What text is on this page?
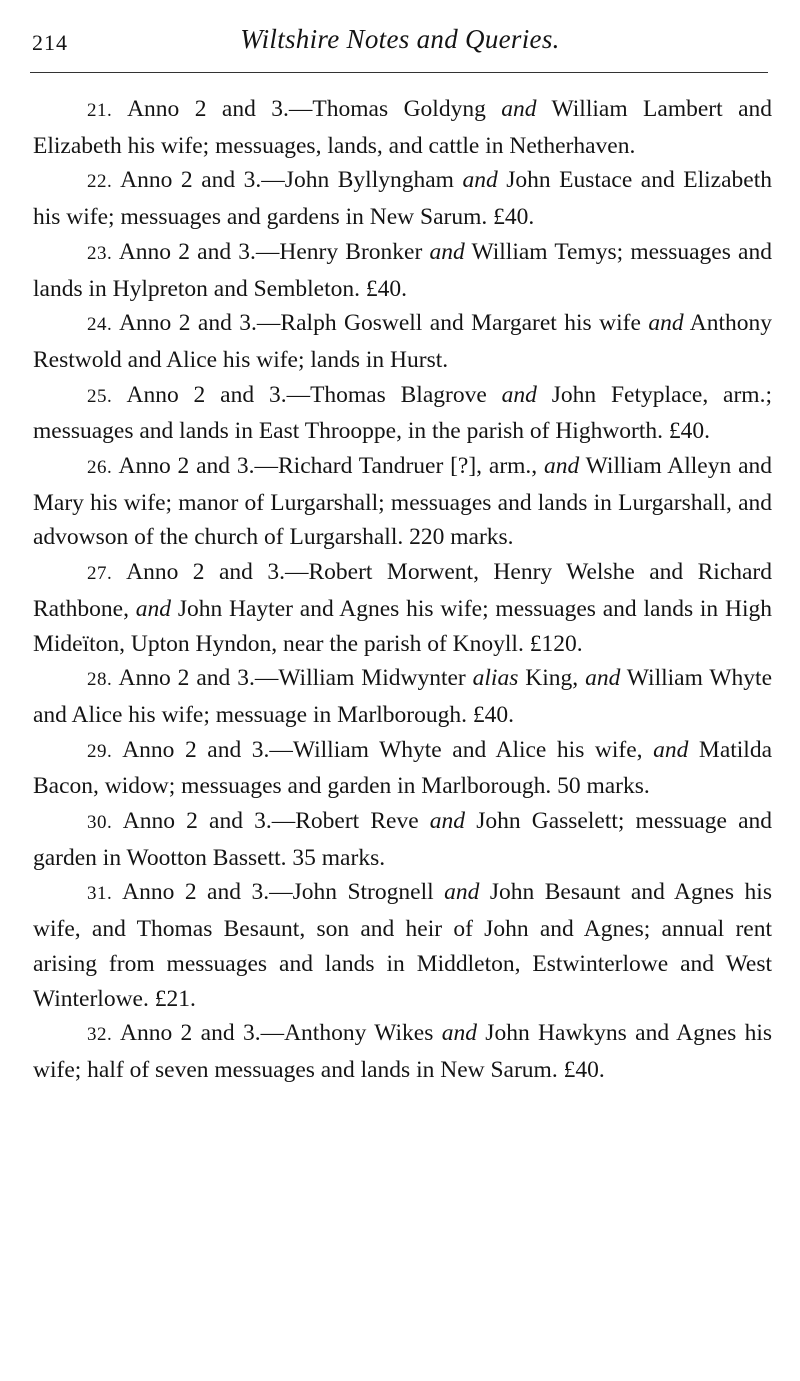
214	Wiltshire Notes and Queries.

21. Anno 2 and 3.—Thomas Goldyng and William Lambert and Elizabeth his wife; messuages, lands, and cattle in Netherhaven.

22. Anno 2 and 3.—John Byllyngham and John Eustace and Elizabeth his wife; messuages and gardens in New Sarum. £40.

23. Anno 2 and 3.—Henry Bronker and William Temys; messuages and lands in Hylpreton and Sembleton. £40.

24. Anno 2 and 3.—Ralph Goswell and Margaret his wife and Anthony Restwold and Alice his wife; lands in Hurst.

25. Anno 2 and 3.—Thomas Blagrove and John Fetyplace, arm.; messuages and lands in East Throoppe, in the parish of Highworth. £40.

26. Anno 2 and 3.—Richard Tandruer [?], arm., and William Alleyn and Mary his wife; manor of Lurgarshall; messuages and lands in Lurgarshall, and advowson of the church of Lurgarshall. 220 marks.

27. Anno 2 and 3.—Robert Morwent, Henry Welshe and Richard Rathbone, and John Hayter and Agnes his wife; messuages and lands in High Mideïton, Upton Hyndon, near the parish of Knoyll. £120.

28. Anno 2 and 3.—William Midwynter alias King, and William Whyte and Alice his wife; messuage in Marlborough. £40.

29. Anno 2 and 3.—William Whyte and Alice his wife, and Matilda Bacon, widow; messuages and garden in Marlborough. 50 marks.

30. Anno 2 and 3.—Robert Reve and John Gasselett; messuage and garden in Wootton Bassett. 35 marks.

31. Anno 2 and 3.—John Strognell and John Besaunt and Agnes his wife, and Thomas Besaunt, son and heir of John and Agnes; annual rent arising from messuages and lands in Middleton, Estwinterlowe and West Winterlowe. £21.

32. Anno 2 and 3.—Anthony Wikes and John Hawkyns and Agnes his wife; half of seven messuages and lands in New Sarum. £40.
